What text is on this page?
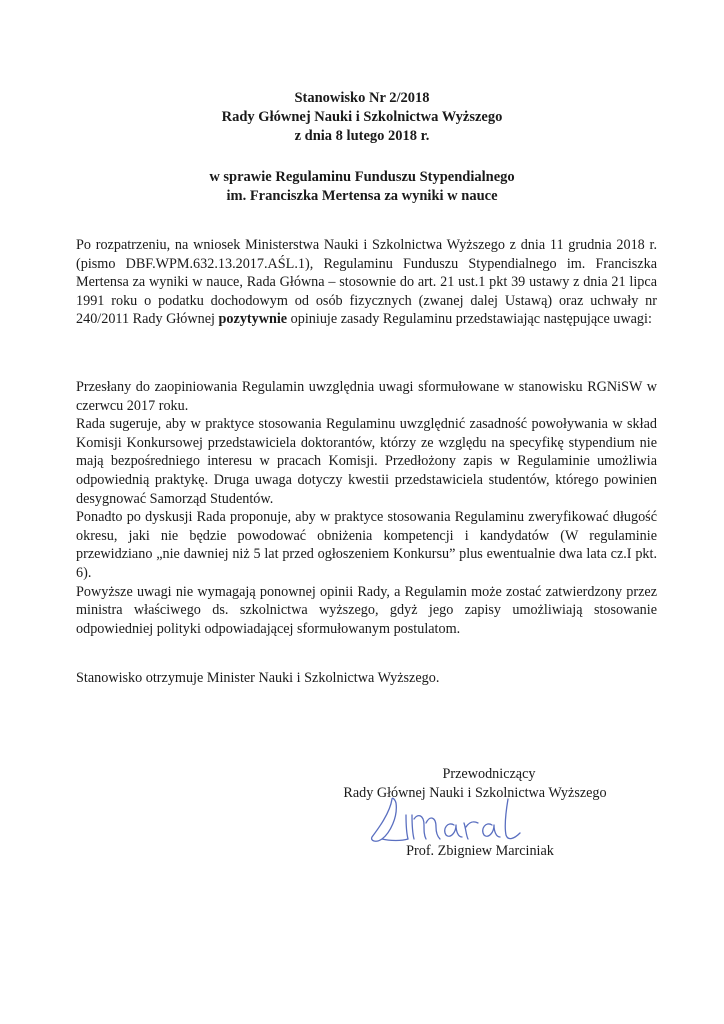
Stanowisko Nr 2/2018
Rady Głównej Nauki i Szkolnictwa Wyższego
z dnia 8 lutego 2018 r.
w sprawie Regulaminu Funduszu Stypendialnego
im. Franciszka Mertensa za wyniki w nauce

Po rozpatrzeniu, na wniosek Ministerstwa Nauki i Szkolnictwa Wyższego z dnia 11 grudnia 2018 r. (pismo DBF.WPM.632.13.2017.AŚL.1), Regulaminu Funduszu Stypendialnego im. Franciszka Mertensa za wyniki w nauce, Rada Główna – stosownie do art. 21 ust.1 pkt 39 ustawy z dnia 21 lipca 1991 roku o podatku dochodowym od osób fizycznych (zwanej dalej Ustawą) oraz uchwały nr 240/2011 Rady Głównej pozytywnie opiniuje zasady Regulaminu przedstawiając następujące uwagi:

Przesłany do zaopiniowania Regulamin uwzględnia uwagi sformułowane w stanowisku RGNiSW w czerwcu 2017 roku.

Rada sugeruje, aby w praktyce stosowania Regulaminu uwzględnić zasadność powoływania w skład Komisji Konkursowej przedstawiciela doktorantów, którzy ze względu na specyfikę stypendium nie mają bezpośredniego interesu w pracach Komisji. Przedłożony zapis w Regulaminie umożliwia odpowiednią praktykę. Druga uwaga dotyczy kwestii przedstawiciela studentów, którego powinien desygnować Samorząd Studentów.

Ponadto po dyskusji Rada proponuje, aby w praktyce stosowania Regulaminu zweryfikować długość okresu, jaki nie będzie powodować obniżenia kompetencji i kandydatów (W regulaminie przewidziano „nie dawniej niż 5 lat przed ogłoszeniem Konkursu” plus ewentualnie dwa lata cz.I pkt. 6).

Powyższe uwagi nie wymagają ponownej opinii Rady, a Regulamin może zostać zatwierdzony przez ministra właściwego ds. szkolnictwa wyższego, gdyż jego zapisy umożliwiają stosowanie odpowiedniej polityki odpowiadającej sformułowanym postulatom.

Stanowisko otrzymuje Minister Nauki i Szkolnictwa Wyższego.

Przewodniczący
Rady Głównej Nauki i Szkolnictwa Wyższego
Prof. Zbigniew Marciniak
